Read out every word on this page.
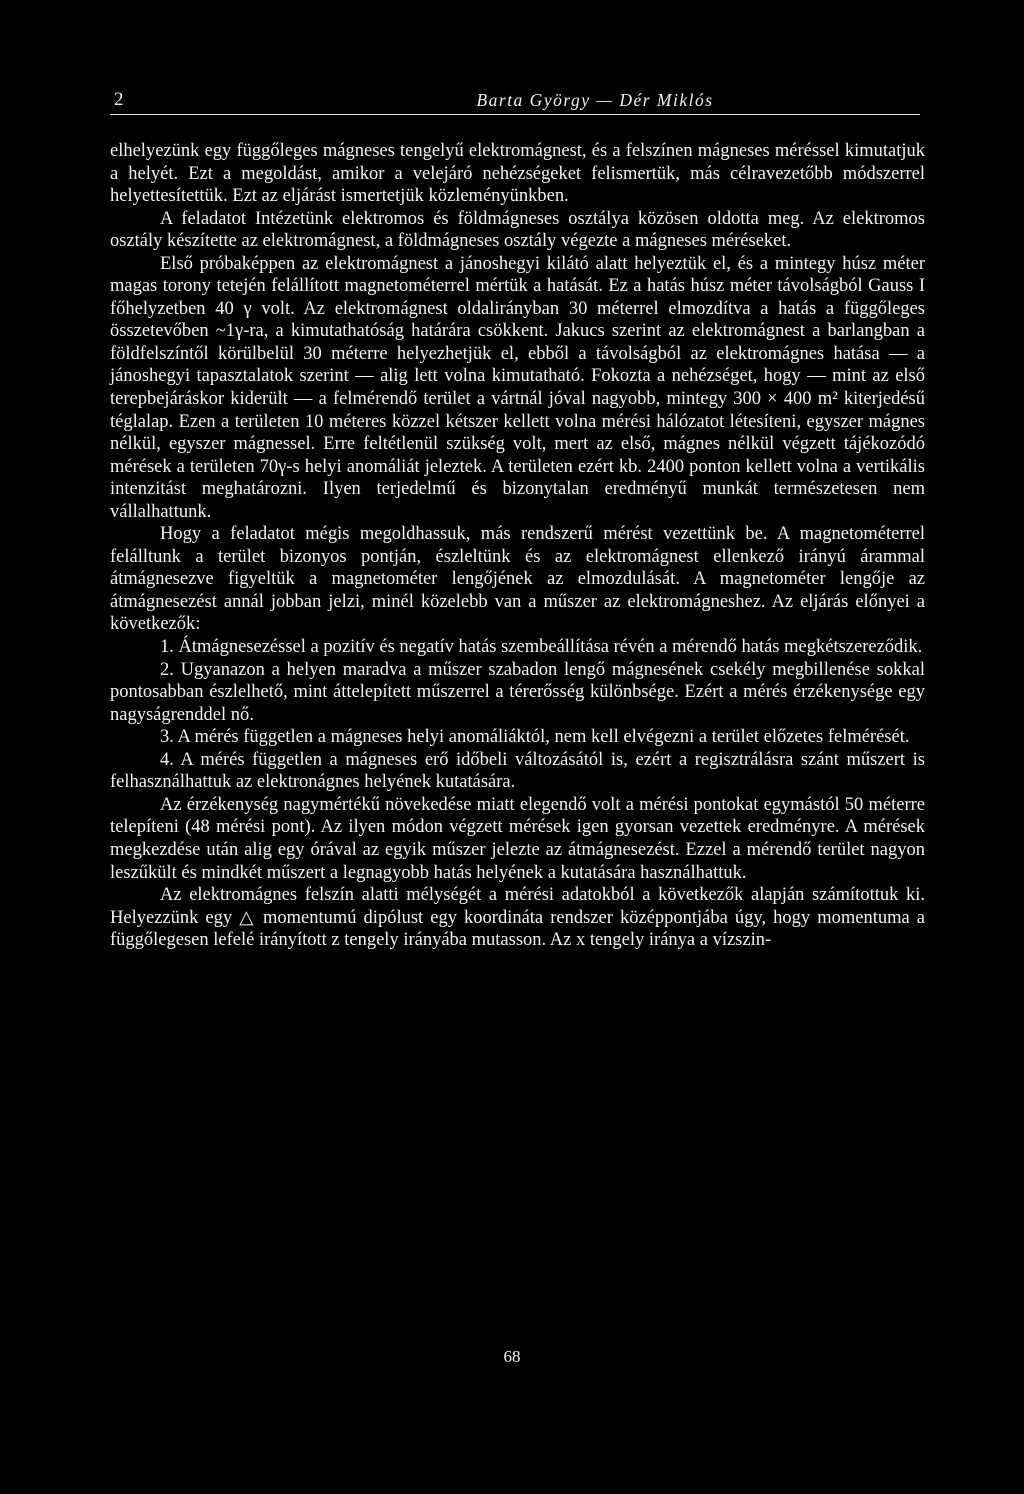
2	Barta György — Dér Miklós

elhelyezünk egy függőleges mágneses tengelyű elektromágnest, és a felszínen mágneses méréssel kimutatjuk a helyét. Ezt a megoldást, amikor a velejáró nehézségeket felismertük, más célravezetőbb módszerrel helyettesítettük. Ezt az eljárást ismertetjük közleményünkben.

A feladatot Intézetünk elektromos és földmágneses osztálya közösen oldotta meg. Az elektromos osztály készítette az elektromágnest, a földmágneses osztály végezte a mágneses méréseket.

Első próbaképpen az elektromágnest a jánoshegyi kilátó alatt helyeztük el, és a mintegy húsz méter magas torony tetején felállított magnetométerrel mértük a hatását. Ez a hatás húsz méter távolságból Gauss I főhelyzetben 40 γ volt. Az elektromágnest oldalirányban 30 méterrel elmozdítva a hatás a függőleges összetevőben ~1γ-ra, a kimutathatóság határára csökkent. Jakucs szerint az elektromágnest a barlangban a földfelszíntől körülbelül 30 méterre helyezhetjük el, ebből a távolságból az elektromágnes hatása — a jánoshegyi tapasztalatok szerint — alig lett volna kimutatható. Fokozta a nehézséget, hogy — mint az első terepbejáráskor kiderült — a felmérendő terület a vártnál jóval nagyobb, mintegy 300 × 400 m² kiterjedésű téglalap. Ezen a területen 10 méteres közzel kétszer kellett volna mérési hálózatot létesíteni, egyszer mágnes nélkül, egyszer mágnessel. Erre feltétlenül szükség volt, mert az első, mágnes nélkül végzett tájékozódó mérések a területen 70γ-s helyi anomáliát jeleztek. A területen ezért kb. 2400 ponton kellett volna a vertikális intenzitást meghatározni. Ilyen terjedelmű és bizonytalan eredményű munkát természetesen nem vállalhattunk.

Hogy a feladatot mégis megoldhassuk, más rendszerű mérést vezettünk be. A magnetométerrel felálltunk a terület bizonyos pontján, észleltünk és az elektromágnest ellenkező irányú árammal átmágnesezve figyeltük a magnetométer lengőjének az elmozdulását. A magnetométer lengője az átmágnesezést annál jobban jelzi, minél közelebb van a műszer az elektromágneshez. Az eljárás előnyei a következők:

1. Átmágnesezéssel a pozitív és negatív hatás szembeállítása révén a mérendő hatás megkétszereződik.

2. Ugyanazon a helyen maradva a műszer szabadon lengő mágnesének csekély megbillenése sokkal pontosabban észlelhető, mint áttelepített műszerrel a térerősség különbsége. Ezért a mérés érzékenysége egy nagyságrenddel nő.

3. A mérés független a mágneses helyi anomáliáktól, nem kell elvégezni a terület előzetes felmérését.

4. A mérés független a mágneses erő időbeli változásától is, ezért a regisztrálásra szánt műszert is felhasználhattuk az elektronágnes helyének kutatására.

Az érzékenység nagymértékű növekedése miatt elegendő volt a mérési pontokat egymástól 50 méterre telepíteni (48 mérési pont). Az ilyen módon végzett mérések igen gyorsan vezettek eredményre. A mérések megkezdése után alig egy órával az egyik műszer jelezte az átmágnesezést. Ezzel a mérendő terület nagyon leszűkült és mindkét műszert a legnagyobb hatás helyének a kutatására használhattuk.

Az elektromágnes felszín alatti mélységét a mérési adatokból a következők alapján számítottuk ki. Helyezzünk egy △ momentumú dipólust egy koordináta rendszer középpontjába úgy, hogy momentuma a függőlegesen lefelé irányított z tengely irányába mutasson. Az x tengely iránya a vízszin-

68
